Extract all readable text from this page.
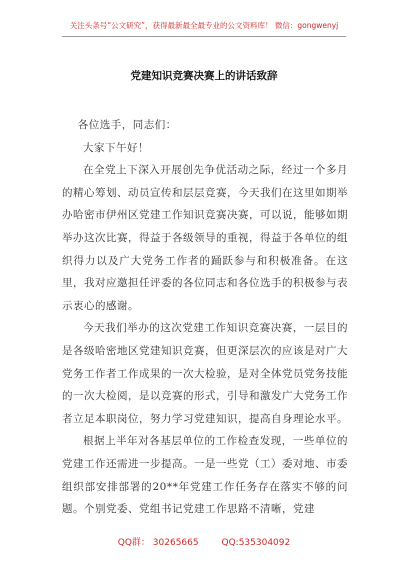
关注头条号“公文研究”，获得最新最全最专业的公文资料库！ 微信：gongwenyj
党建知识竞赛决赛上的讲话致辞

各位选手，同志们：

大家下午好！

在全党上下深入开展创先争优活动之际，经过一个多月的精心筹划、动员宣传和层层竞赛，今天我们在这里如期举办哈密市伊州区党建工作知识竞赛决赛，可以说，能够如期举办这次比赛，得益于各级领导的重视，得益于各单位的组织得力以及广大党务工作者的踊跃参与和积极准备。在这里，我对应邀担任评委的各位同志和各位选手的积极参与表示衷心的感谢。

今天我们举办的这次党建工作知识竞赛决赛，一层目的是各级哈密地区党建知识竞赛，但更深层次的应该是对广大党务工作者工作成果的一次大检验，是对全体党员党务技能的一次大检阅，是以竞赛的形式，引导和激发广大党务工作者立足本职岗位，努力学习党建知识，提高自身理论水平。

根据上半年对各基层单位的工作检查发现，一些单位的党建工作还需进一步提高。一是一些党（工）委对地、市委组织部安排部署的20**年党建工作任务存在落实不够的问题。个别党委、党组书记党建工作思路不清晰，党建

QQ群： 30265665        QQ:535304092
